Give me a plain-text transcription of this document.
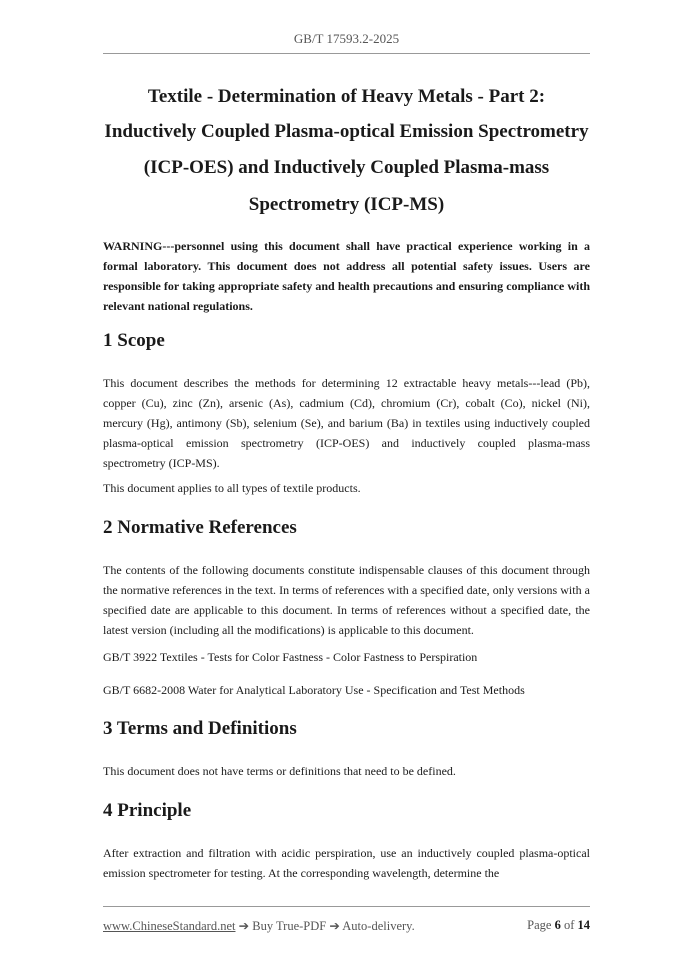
GB/T 17593.2-2025
Textile - Determination of Heavy Metals - Part 2:
Inductively Coupled Plasma-optical Emission Spectrometry
(ICP-OES) and Inductively Coupled Plasma-mass
Spectrometry (ICP-MS)
WARNING---personnel using this document shall have practical experience working in a formal laboratory. This document does not address all potential safety issues. Users are responsible for taking appropriate safety and health precautions and ensuring compliance with relevant national regulations.
1 Scope
This document describes the methods for determining 12 extractable heavy metals---lead (Pb), copper (Cu), zinc (Zn), arsenic (As), cadmium (Cd), chromium (Cr), cobalt (Co), nickel (Ni), mercury (Hg), antimony (Sb), selenium (Se), and barium (Ba) in textiles using inductively coupled plasma-optical emission spectrometry (ICP-OES) and inductively coupled plasma-mass spectrometry (ICP-MS).
This document applies to all types of textile products.
2 Normative References
The contents of the following documents constitute indispensable clauses of this document through the normative references in the text. In terms of references with a specified date, only versions with a specified date are applicable to this document. In terms of references without a specified date, the latest version (including all the modifications) is applicable to this document.
GB/T 3922 Textiles - Tests for Color Fastness - Color Fastness to Perspiration
GB/T 6682-2008 Water for Analytical Laboratory Use - Specification and Test Methods
3 Terms and Definitions
This document does not have terms or definitions that need to be defined.
4 Principle
After extraction and filtration with acidic perspiration, use an inductively coupled plasma-optical emission spectrometer for testing. At the corresponding wavelength, determine the
www.ChineseStandard.net ➔ Buy True-PDF ➔ Auto-delivery.	Page 6 of 14
